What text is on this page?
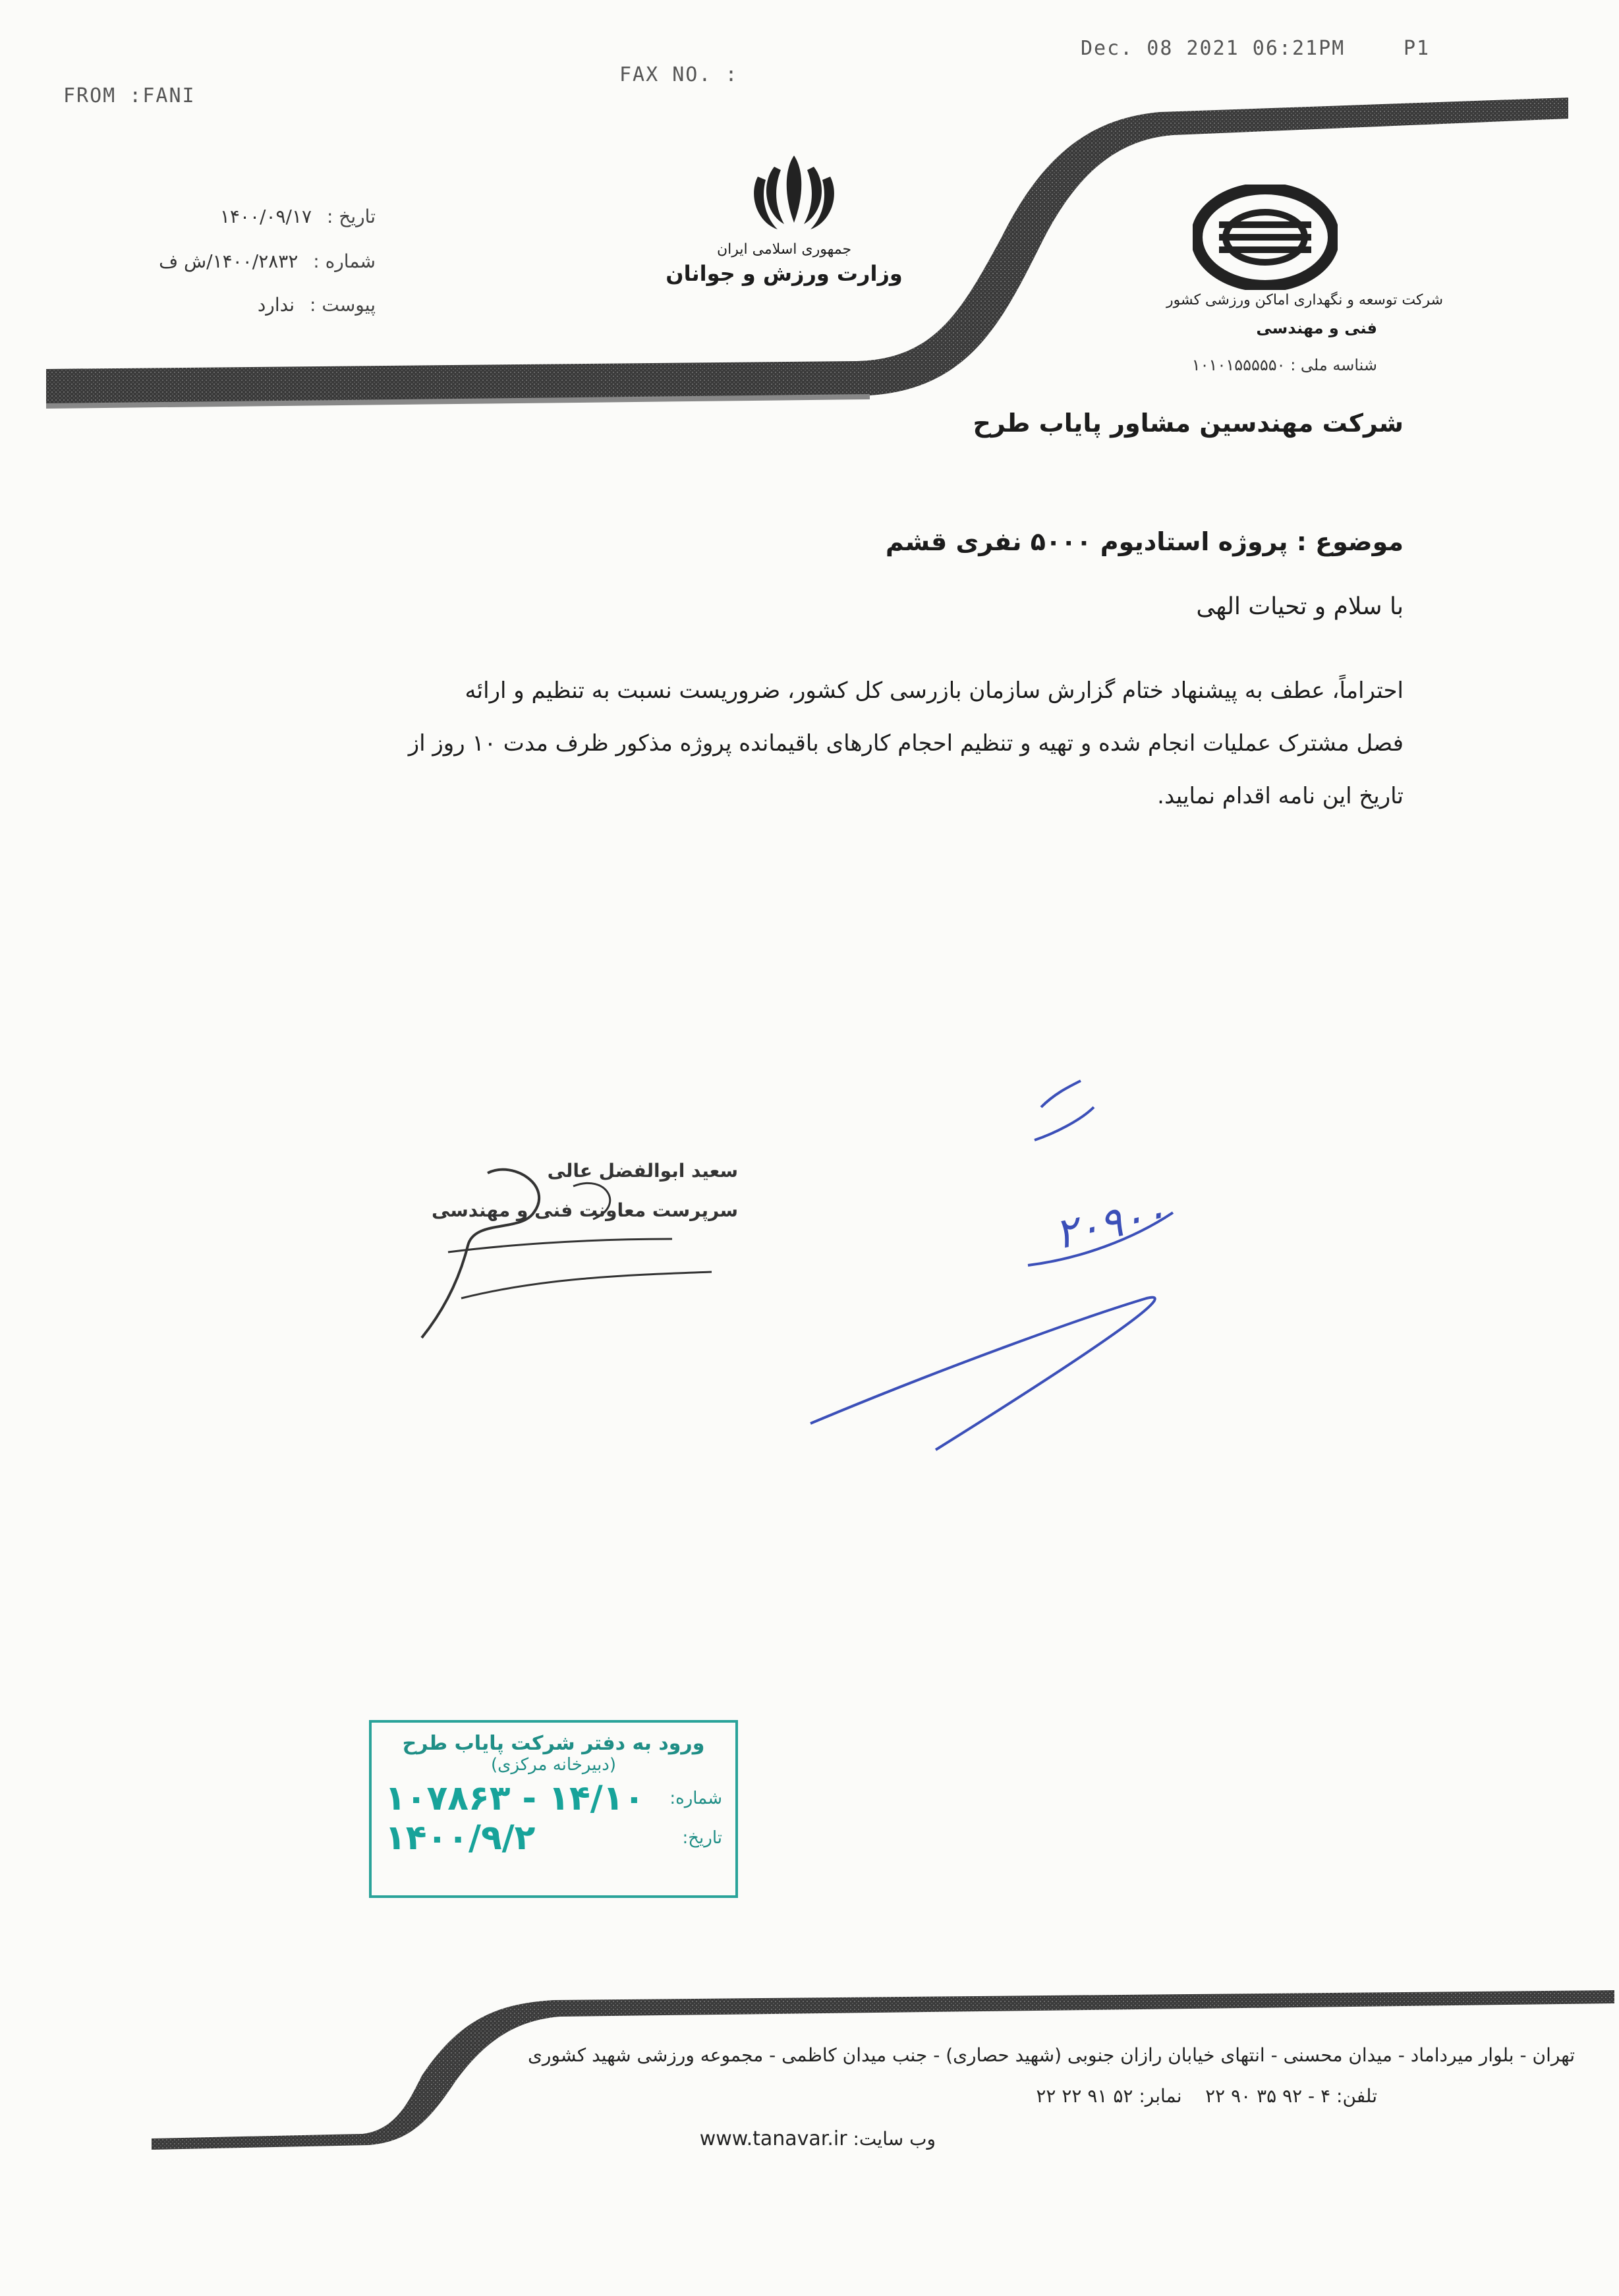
FROM :FANI
FAX NO. :
Dec. 08 2021 06:21PM	P1
جمهوری اسلامی ایران
وزارت ورزش و جوانان
شرکت توسعه و نگهداری اماکن ورزشی کشور
فنی و مهندسی
شناسه ملی : ۱۰۱۰۱۵۵۵۵۵۰
تاریخ : ۱۴۰۰/۰۹/۱۷
شماره : ۱۴۰۰/۲۸۳۲/ش ف
پیوست : ندارد
شرکت مهندسین مشاور پایاب طرح
موضوع : پروژه استادیوم ۵۰۰۰ نفری قشم
با سلام و تحیات الهی
احتراماً، عطف به پیشنهاد ختام گزارش سازمان بازرسی کل کشور، ضروریست نسبت به تنظیم و ارائه
فصل مشترک عملیات انجام شده و تهیه و تنظیم احجام کارهای باقیمانده پروژه مذکور ظرف مدت ۱۰ روز از
تاریخ این نامه اقدام نمایید.
سعید ابوالفضل عالی
سرپرست معاونت فنی و مهندسی	۲۰۹۰۰
ورود به دفتر شرکت پایاب طرح
(دبیرخانه مرکزی)
شماره:
۱۴/۱۰ - ۱۰۷۸۶۳
تاریخ:
۱۴۰۰/۹/۲
تهران - بلوار میرداماد - میدان محسنی - انتهای خیابان رازان جنوبی (شهید حصاری) - جنب میدان کاظمی - مجموعه ورزشی شهید کشوری
تلفن: ۴ - ۹۲ ۳۵ ۹۰ ۲۲    نمابر: ۵۲ ۹۱ ۲۲ ۲۲
وب سایت: www.tanavar.ir
